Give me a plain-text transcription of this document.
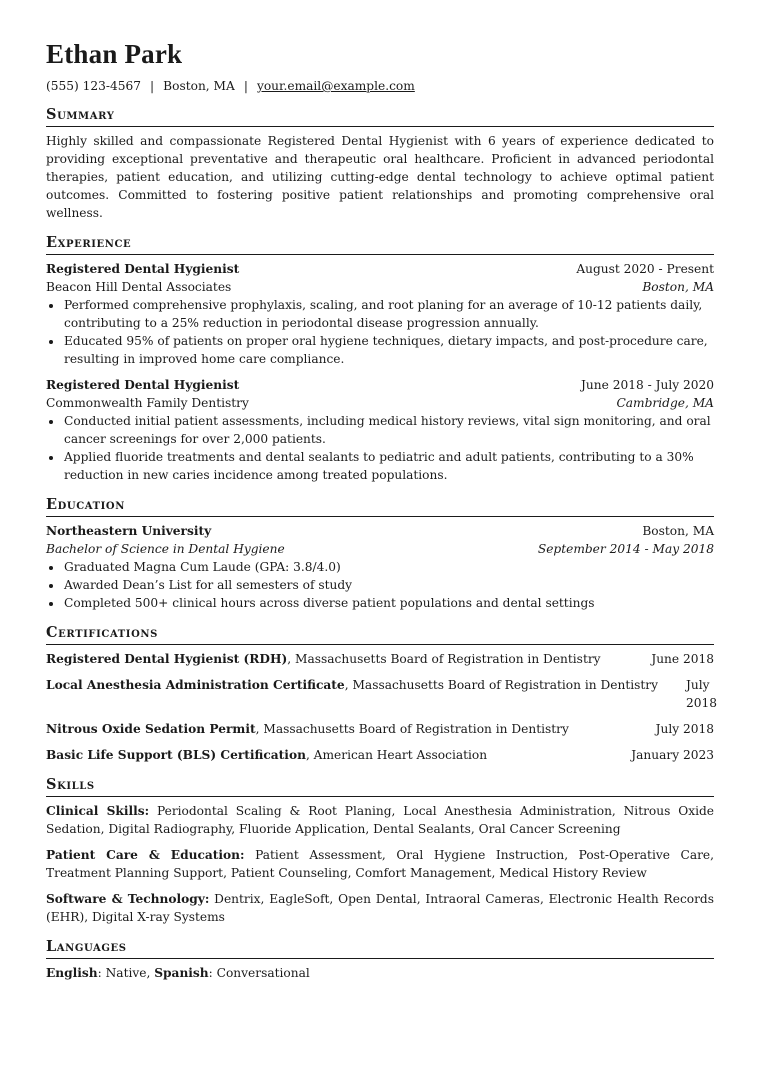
Ethan Park
(555) 123-4567 | Boston, MA | your.email@example.com
Summary
Highly skilled and compassionate Registered Dental Hygienist with 6 years of experience dedicated to providing exceptional preventative and therapeutic oral healthcare. Proficient in advanced periodontal therapies, patient education, and utilizing cutting-edge dental technology to achieve optimal patient outcomes. Committed to fostering positive patient relationships and promoting comprehensive oral wellness.
Experience
Registered Dental Hygienist	August 2020 - Present
Beacon Hill Dental Associates	Boston, MA
• Performed comprehensive prophylaxis, scaling, and root planing for an average of 10-12 patients daily, contributing to a 25% reduction in periodontal disease progression annually.
• Educated 95% of patients on proper oral hygiene techniques, dietary impacts, and post-procedure care, resulting in improved home care compliance.
Registered Dental Hygienist	June 2018 - July 2020
Commonwealth Family Dentistry	Cambridge, MA
• Conducted initial patient assessments, including medical history reviews, vital sign monitoring, and oral cancer screenings for over 2,000 patients.
• Applied fluoride treatments and dental sealants to pediatric and adult patients, contributing to a 30% reduction in new caries incidence among treated populations.
Education
Northeastern University	Boston, MA
Bachelor of Science in Dental Hygiene	September 2014 - May 2018
• Graduated Magna Cum Laude (GPA: 3.8/4.0)
• Awarded Dean’s List for all semesters of study
• Completed 500+ clinical hours across diverse patient populations and dental settings
Certifications
Registered Dental Hygienist (RDH), Massachusetts Board of Registration in Dentistry	June 2018
Local Anesthesia Administration Certificate, Massachusetts Board of Registration in Dentistry July 2018
Nitrous Oxide Sedation Permit, Massachusetts Board of Registration in Dentistry	July 2018
Basic Life Support (BLS) Certification, American Heart Association	January 2023
Skills
Clinical Skills: Periodontal Scaling & Root Planing, Local Anesthesia Administration, Nitrous Oxide Sedation, Digital Radiography, Fluoride Application, Dental Sealants, Oral Cancer Screening
Patient Care & Education: Patient Assessment, Oral Hygiene Instruction, Post-Operative Care, Treatment Planning Support, Patient Counseling, Comfort Management, Medical History Review
Software & Technology: Dentrix, EagleSoft, Open Dental, Intraoral Cameras, Electronic Health Records (EHR), Digital X-ray Systems
Languages
English: Native, Spanish: Conversational
